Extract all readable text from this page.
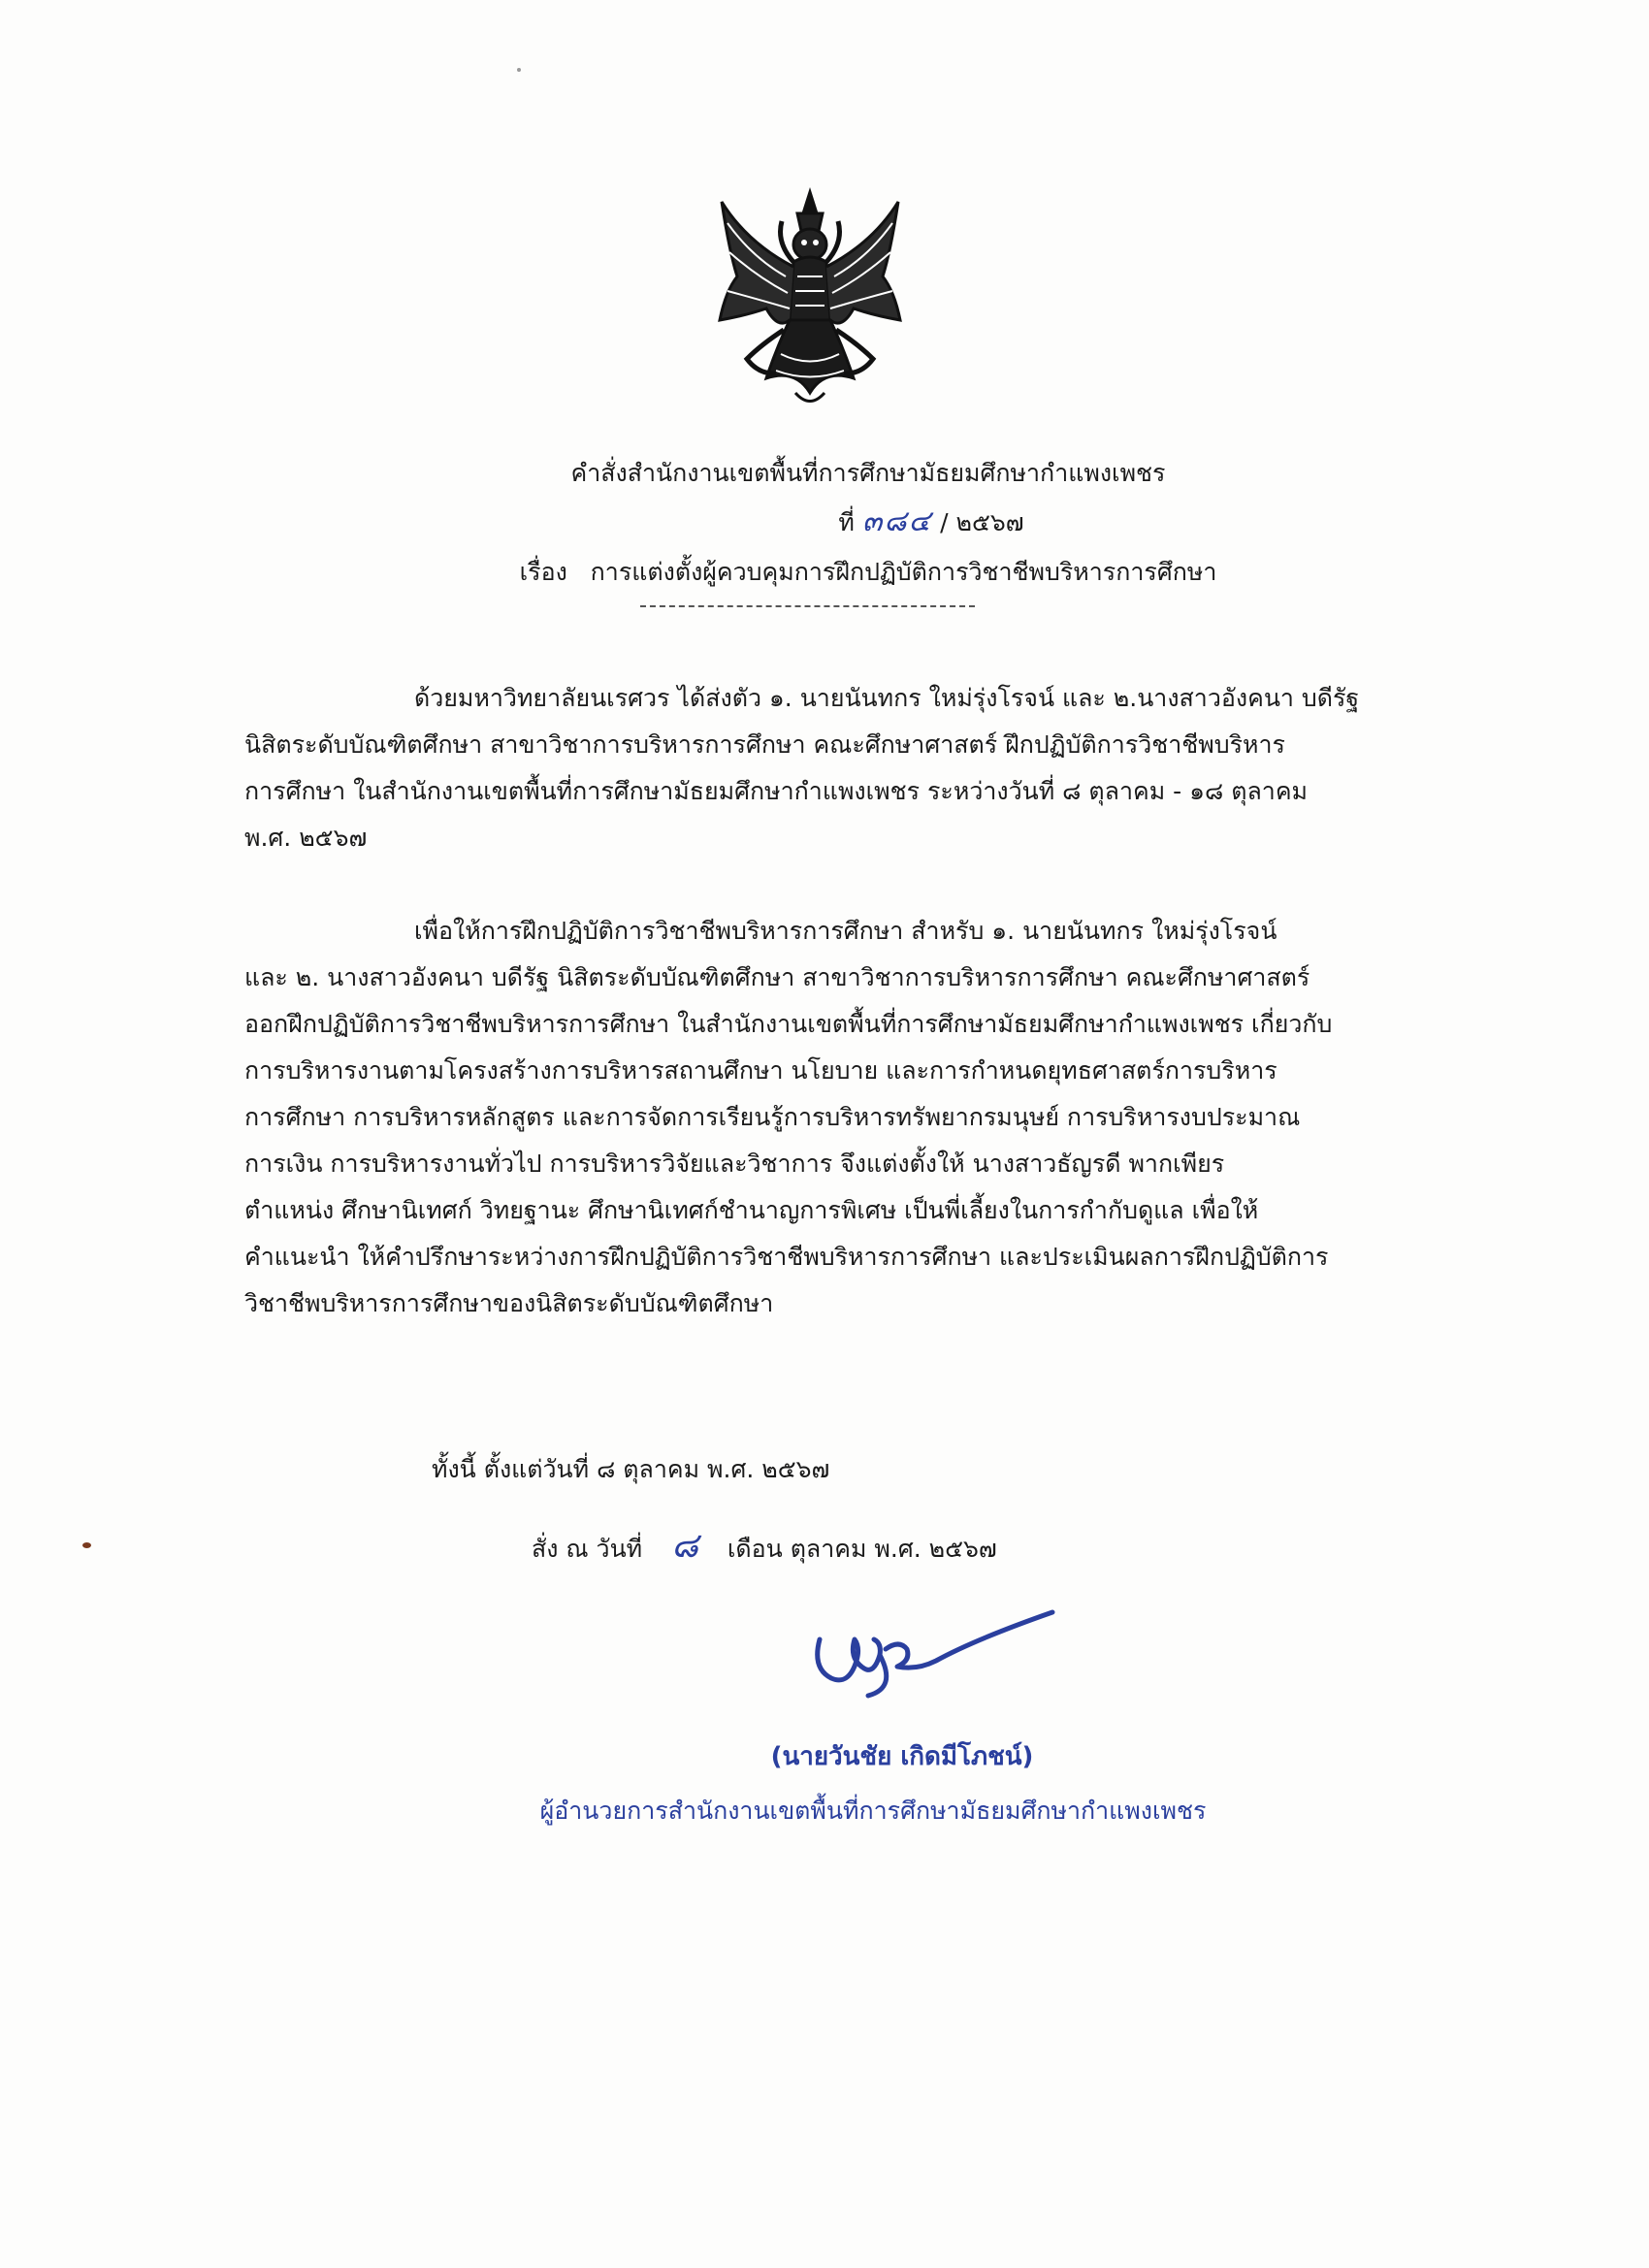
คำสั่งสำนักงานเขตพื้นที่การศึกษามัธยมศึกษากำแพงเพชร
ที่ ๓๘๔ / ๒๕๖๗
เรื่อง การแต่งตั้งผู้ควบคุมการฝึกปฏิบัติการวิชาชีพบริหารการศึกษา
ด้วยมหาวิทยาลัยนเรศวร ได้ส่งตัว ๑. นายนันทกร ใหม่รุ่งโรจน์ และ ๒.นางสาวอังคนา บดีรัฐ
นิสิตระดับบัณฑิตศึกษา สาขาวิชาการบริหารการศึกษา คณะศึกษาศาสตร์ ฝึกปฏิบัติการวิชาชีพบริหาร
การศึกษา ในสำนักงานเขตพื้นที่การศึกษามัธยมศึกษากำแพงเพชร ระหว่างวันที่ ๘ ตุลาคม - ๑๘ ตุลาคม
พ.ศ. ๒๕๖๗
เพื่อให้การฝึกปฏิบัติการวิชาชีพบริหารการศึกษา สำหรับ ๑. นายนันทกร ใหม่รุ่งโรจน์
และ ๒. นางสาวอังคนา บดีรัฐ นิสิตระดับบัณฑิตศึกษา สาขาวิชาการบริหารการศึกษา คณะศึกษาศาสตร์
ออกฝึกปฏิบัติการวิชาชีพบริหารการศึกษา ในสำนักงานเขตพื้นที่การศึกษามัธยมศึกษากำแพงเพชร เกี่ยวกับ
การบริหารงานตามโครงสร้างการบริหารสถานศึกษา นโยบาย และการกำหนดยุทธศาสตร์การบริหาร
การศึกษา การบริหารหลักสูตร และการจัดการเรียนรู้การบริหารทรัพยากรมนุษย์ การบริหารงบประมาณ
การเงิน การบริหารงานทั่วไป การบริหารวิจัยและวิชาการ จึงแต่งตั้งให้ นางสาวธัญรดี พากเพียร
ตำแหน่ง ศึกษานิเทศก์ วิทยฐานะ ศึกษานิเทศก์ชำนาญการพิเศษ เป็นพี่เลี้ยงในการกำกับดูแล เพื่อให้
คำแนะนำ ให้คำปรึกษาระหว่างการฝึกปฏิบัติการวิชาชีพบริหารการศึกษา และประเมินผลการฝึกปฏิบัติการ
วิชาชีพบริหารการศึกษาของนิสิตระดับบัณฑิตศึกษา
ทั้งนี้ ตั้งแต่วันที่ ๘ ตุลาคม พ.ศ. ๒๕๖๗
สั่ง ณ วันที่ ๘ เดือน ตุลาคม พ.ศ. ๒๕๖๗
(นายวันชัย เกิดมีโภชน์)
ผู้อำนวยการสำนักงานเขตพื้นที่การศึกษามัธยมศึกษากำแพงเพชร
